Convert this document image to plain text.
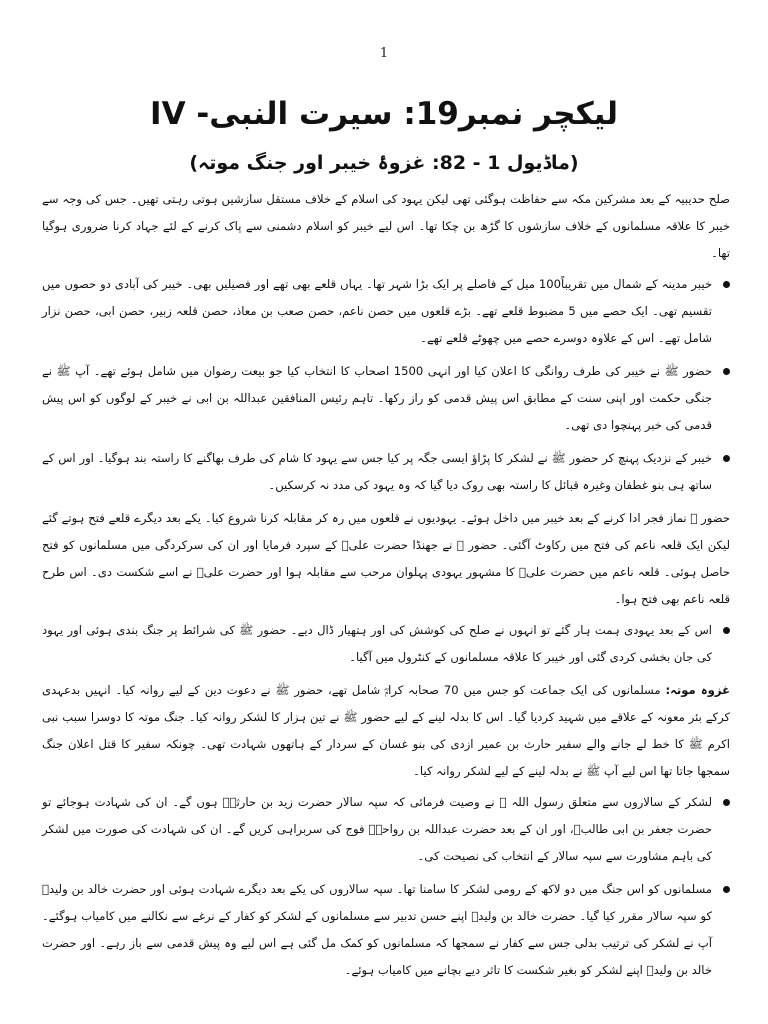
1
لیکچر نمبر19: سیرت النبی- IV
(ماڈیول 1 - 82: غزوۂ خیبر اور جنگ موتہ)

صلح حدیبیہ کے بعد مشرکین مکہ سے حفاظت ہوگئی تھی لیکن یہود کی اسلام کے خلاف مستقل سازشیں ہوتی رہتی تھیں۔ جس کی وجہ سے خیبر کا علاقہ مسلمانوں کے خلاف سازشوں کا گڑھ بن چکا تھا۔ اس لیے خیبر کو اسلام دشمنی سے پاک کرنے کے لئے جہاد کرنا ضروری ہوگیا تھا۔

خیبر مدینہ کے شمال میں تقریباً100 میل کے فاصلے پر ایک بڑا شہر تھا۔ یہاں قلعے بھی تھے اور فصیلیں بھی۔ خیبر کی آبادی دو حصوں میں تقسیم تھی۔ ایک حصے میں 5 مضبوط قلعے تھے۔ بڑے قلعوں میں حصن ناعم، حصن صعب بن معاذ، حصن قلعہ زبیر، حصن ابی، حصن نزار شامل تھے۔ اس کے علاوہ دوسرے حصے میں چھوٹے قلعے تھے۔
حضور ﷺ نے خیبر کی طرف روانگی کا اعلان کیا اور انہی 1500 اصحاب کا انتخاب کیا جو بیعت رضوان میں شامل ہوئے تھے۔ آپ ﷺ نے جنگی حکمت اور اپنی سنت کے مطابق اس پیش قدمی کو راز رکھا۔ تاہم رئیس المنافقین عبداللہ بن ابی نے خیبر کے لوگوں کو اس پیش قدمی کی خبر پہنچوا دی تھی۔
خیبر کے نزدیک پہنچ کر حضور ﷺ نے لشکر کا پڑاؤ ایسی جگہ پر کیا جس سے یہود کا شام کی طرف بھاگنے کا راستہ بند ہوگیا۔ اور اس کے ساتھ ہی بنو غطفان وغیرہ قبائل کا راستہ بھی روک دیا گیا کہ وہ یہود کی مدد نہ کرسکیں۔

حضور ﷺ نماز فجر ادا کرنے کے بعد خیبر میں داخل ہوئے۔ یہودیوں نے قلعوں میں رہ کر مقابلہ کرنا شروع کیا۔ یکے بعد دیگرے قلعے فتح ہوتے گئے لیکن ایک قلعہ ناعم کی فتح میں رکاوٹ آگئی۔ حضور ﷺ نے جھنڈا حضرت علیؓ کے سپرد فرمایا اور ان کی سرکردگی میں مسلمانوں کو فتح حاصل ہوئی۔ قلعہ ناعم میں حضرت علیؓ کا مشہور یہودی پہلوان مرحب سے مقابلہ ہوا اور حضرت علیؓ نے اسے شکست دی۔ اس طرح قلعہ ناعم بھی فتح ہوا۔

اس کے بعد یہودی ہمت ہار گئے تو انہوں نے صلح کی کوشش کی اور ہتھیار ڈال دیے۔ حضور ﷺ کی شرائط پر جنگ بندی ہوئی اور یہود کی جان بخشی کردی گئی اور خیبر کا علاقہ مسلمانوں کے کنٹرول میں آگیا۔

غزوہ موتہ: مسلمانوں کی ایک جماعت کو جس میں 70 صحابہ کرامؓ شامل تھے، حضور ﷺ نے دعوت دین کے لیے روانہ کیا۔ انہیں بدعہدی کرکے بئر معونہ کے علاقے میں شہید کردیا گیا۔ اس کا بدلہ لینے کے لیے حضور ﷺ نے تین ہزار کا لشکر روانہ کیا۔ جنگ موتہ کا دوسرا سبب نبی اکرم ﷺ کا خط لے جانے والے سفیر حارث بن عمیر ازدی کی بنو غسان کے سردار کے ہاتھوں شہادت تھی۔ چونکہ سفیر کا قتل اعلان جنگ سمجھا جاتا تھا اس لیے آپ ﷺ نے بدلہ لینے کے لیے لشکر روانہ کیا۔

لشکر کے سالاروں سے متعلق رسول اللہ ﷺ نے وصیت فرمائی کہ سپہ سالار حضرت زید بن حارثہؓ ہوں گے۔ ان کی شہادت ہوجائے تو حضرت جعفر بن ابی طالبؓ، اور ان کے بعد حضرت عبداللہ بن رواحہؓ فوج کی سربراہی کریں گے۔ ان کی شہادت کی صورت میں لشکر کی باہم مشاورت سے سپہ سالار کے انتخاب کی نصیحت کی۔
مسلمانوں کو اس جنگ میں دو لاکھ کے رومی لشکر کا سامنا تھا۔ سپہ سالاروں کی یکے بعد دیگرے شہادت ہوئی اور حضرت خالد بن ولیدؓ کو سپہ سالار مقرر کیا گیا۔ حضرت خالد بن ولیدؓ اپنے حسن تدبیر سے مسلمانوں کے لشکر کو کفار کے نرغے سے نکالنے میں کامیاب ہوگئے۔ آپ نے لشکر کی ترتیب بدلی جس سے کفار نے سمجھا کہ مسلمانوں کو کمک مل گئی ہے اس لیے وہ پیش قدمی سے باز رہے۔ اور حضرت خالد بن ولیدؓ اپنے لشکر کو بغیر شکست کا تاثر دیے بچانے میں کامیاب ہوئے۔
